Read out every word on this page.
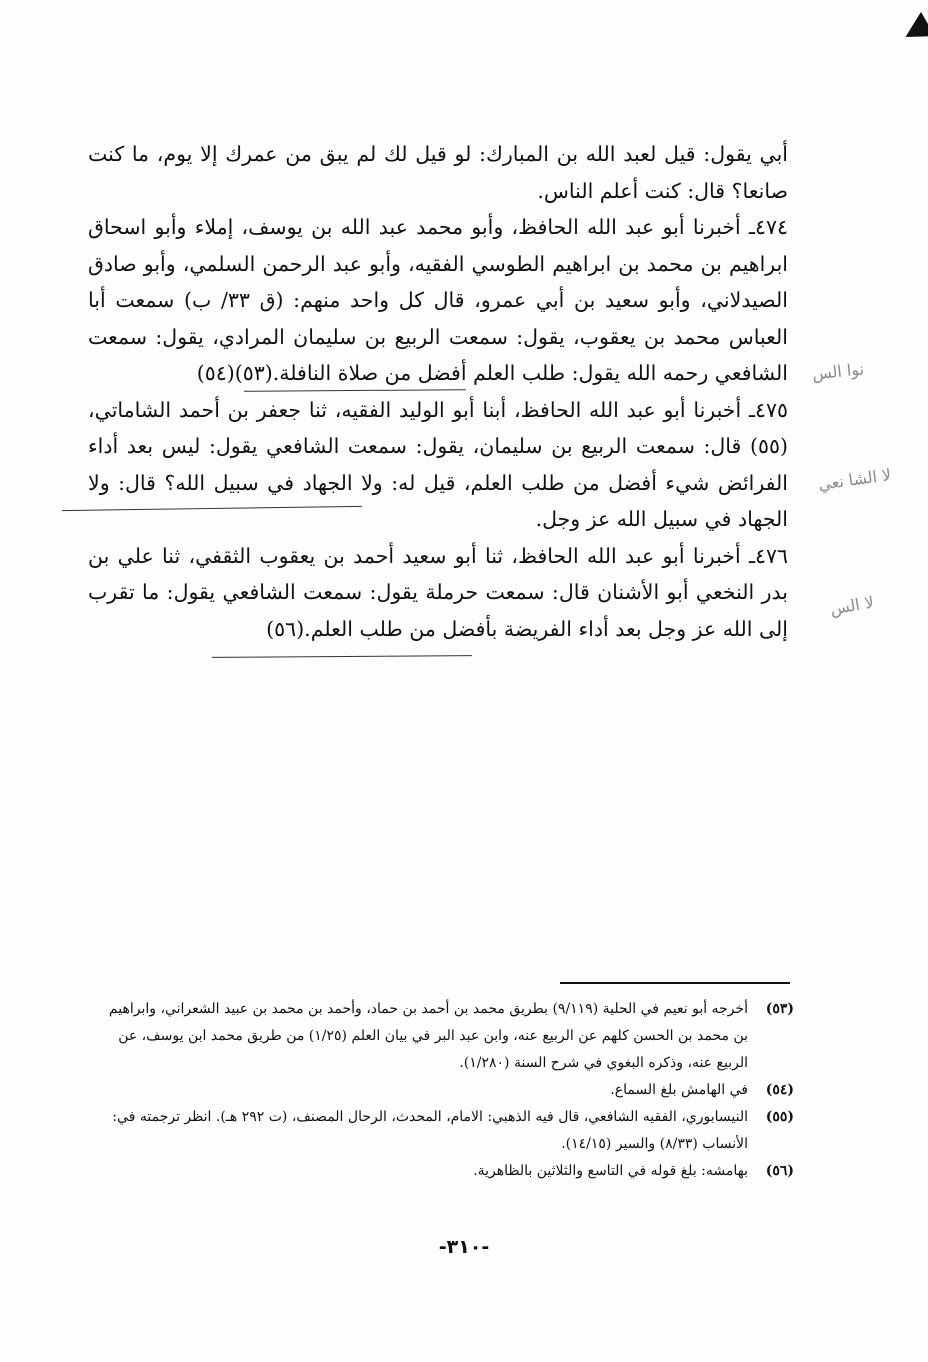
أبي يقول: قيل لعبد الله بن المبارك: لو قيل لك لم يبق من عمرك إلا يوم، ما كنت صانعا؟ قال: كنت أعلم الناس.

٤٧٤ـ أخبرنا أبو عبد الله الحافظ، وأبو محمد عبد الله بن يوسف، إملاء وأبو اسحاق ابراهيم بن محمد بن ابراهيم الطوسي الفقيه، وأبو عبد الرحمن السلمي، وأبو صادق الصيدلاني، وأبو سعيد بن أبي عمرو، قال كل واحد منهم: (ق ٣٣/ ب) سمعت أبا العباس محمد بن يعقوب، يقول: سمعت الربيع بن سليمان المرادي، يقول: سمعت الشافعي رحمه الله يقول: طلب العلم أفضل من صلاة النافلة.(٥٣)(٥٤)

٤٧٥ـ أخبرنا أبو عبد الله الحافظ، أبنا أبو الوليد الفقيه، ثنا جعفر بن أحمد الشاماتي،(٥٥) قال: سمعت الربيع بن سليمان، يقول: سمعت الشافعي يقول: ليس بعد أداء الفرائض شيء أفضل من طلب العلم، قيل له: ولا الجهاد في سبيل الله؟ قال: ولا الجهاد في سبيل الله عز وجل.

٤٧٦ـ أخبرنا أبو عبد الله الحافظ، ثنا أبو سعيد أحمد بن يعقوب الثقفي، ثنا علي بن بدر النخعي أبو الأشنان قال: سمعت حرملة يقول: سمعت الشافعي يقول: ما تقرب إلى الله عز وجل بعد أداء الفريضة بأفضل من طلب العلم.(٥٦)

نوا الس
لا الشا نعي
لا الس
(٥٣)
أخرجه أبو نعيم في الحلية (٩/١١٩) بطريق محمد بن أحمد بن حماد، وأحمد بن محمد بن عبيد الشعراني، وابراهيم بن محمد بن الحسن كلهم عن الربيع عنه، وابن عبد البر في بيان العلم (١/٢٥) من طريق محمد ابن يوسف، عن الربيع عنه، وذكره البغوي في شرح السنة (١/٢٨٠).
(٥٤)
في الهامش بلغ السماع.
(٥٥)
النيسابوري، الفقيه الشافعي، قال فيه الذهبي: الامام، المحدث، الرحال المصنف، (ت ٢٩٢ هـ). انظر ترجمته في: الأنساب (٨/٣٣) والسير (١٤/١٥).
(٥٦)
بهامشه: بلغ قوله في التاسع والثلاثين بالظاهرية.
-٣١٠-
